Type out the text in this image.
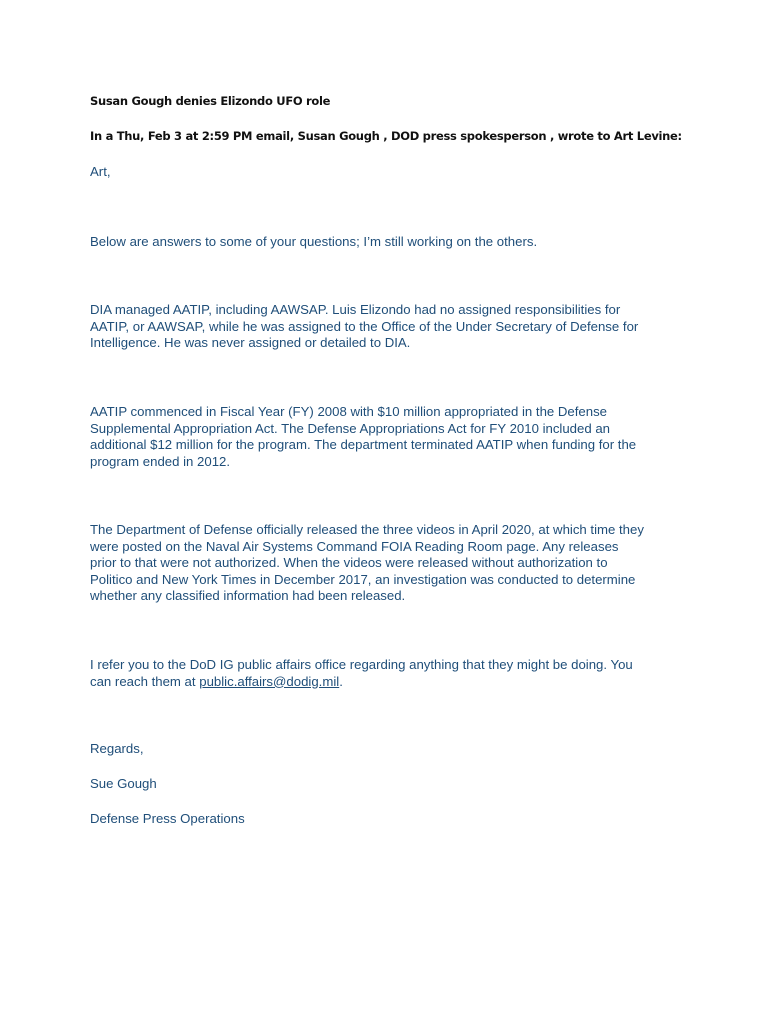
Susan Gough denies Elizondo UFO role
In a Thu, Feb 3 at 2:59 PM email, Susan Gough , DOD press spokesperson , wrote to Art Levine:
Art,
Below are answers to some of your questions; I’m still working on the others.
DIA managed AATIP, including AAWSAP. Luis Elizondo had no assigned responsibilities for
AATIP, or AAWSAP, while he was assigned to the Office of the Under Secretary of Defense for
Intelligence. He was never assigned or detailed to DIA.
AATIP commenced in Fiscal Year (FY) 2008 with $10 million appropriated in the Defense
Supplemental Appropriation Act. The Defense Appropriations Act for FY 2010 included an
additional $12 million for the program. The department terminated AATIP when funding for the
program ended in 2012.
The Department of Defense officially released the three videos in April 2020, at which time they
were posted on the Naval Air Systems Command FOIA Reading Room page. Any releases
prior to that were not authorized. When the videos were released without authorization to
Politico and New York Times in December 2017, an investigation was conducted to determine
whether any classified information had been released.
I refer you to the DoD IG public affairs office regarding anything that they might be doing. You
can reach them at public.affairs@dodig.mil.
Regards,
Sue Gough
Defense Press Operations
